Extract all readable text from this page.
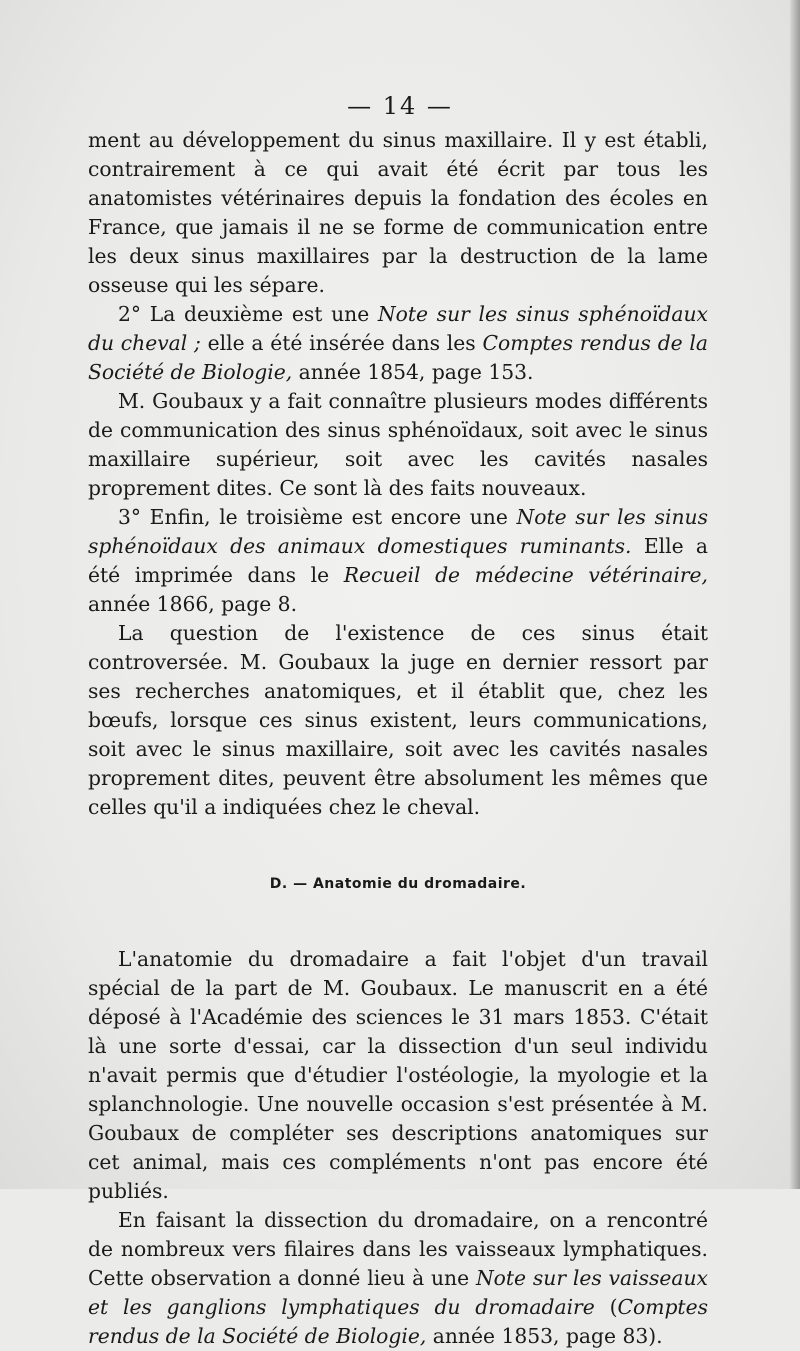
— 14 —

ment au développement du sinus maxillaire. Il y est établi, contrairement à ce qui avait été écrit par tous les anatomistes vétérinaires depuis la fondation des écoles en France, que jamais il ne se forme de communication entre les deux sinus maxillaires par la destruction de la lame osseuse qui les sépare.

2° La deuxième est une Note sur les sinus sphénoïdaux du cheval ; elle a été insérée dans les Comptes rendus de la Société de Biologie, année 1854, page 153.

M. Goubaux y a fait connaître plusieurs modes différents de communication des sinus sphénoïdaux, soit avec le sinus maxillaire supérieur, soit avec les cavités nasales proprement dites. Ce sont là des faits nouveaux.

3° Enfin, le troisième est encore une Note sur les sinus sphénoïdaux des animaux domestiques ruminants. Elle a été imprimée dans le Recueil de médecine vétérinaire, année 1866, page 8.

La question de l'existence de ces sinus était controversée. M. Goubaux la juge en dernier ressort par ses recherches anatomiques, et il établit que, chez les bœufs, lorsque ces sinus existent, leurs communications, soit avec le sinus maxillaire, soit avec les cavités nasales proprement dites, peuvent être absolument les mêmes que celles qu'il a indiquées chez le cheval.

D. — Anatomie du dromadaire.

L'anatomie du dromadaire a fait l'objet d'un travail spécial de la part de M. Goubaux. Le manuscrit en a été déposé à l'Académie des sciences le 31 mars 1853. C'était là une sorte d'essai, car la dissection d'un seul individu n'avait permis que d'étudier l'ostéologie, la myologie et la splanchnologie. Une nouvelle occasion s'est présentée à M. Goubaux de compléter ses descriptions anatomiques sur cet animal, mais ces compléments n'ont pas encore été publiés.

En faisant la dissection du dromadaire, on a rencontré de nombreux vers filaires dans les vaisseaux lymphatiques. Cette observation a donné lieu à une Note sur les vaisseaux et les ganglions lymphatiques du dromadaire (Comptes rendus de la Société de Biologie, année 1853, page 83).
